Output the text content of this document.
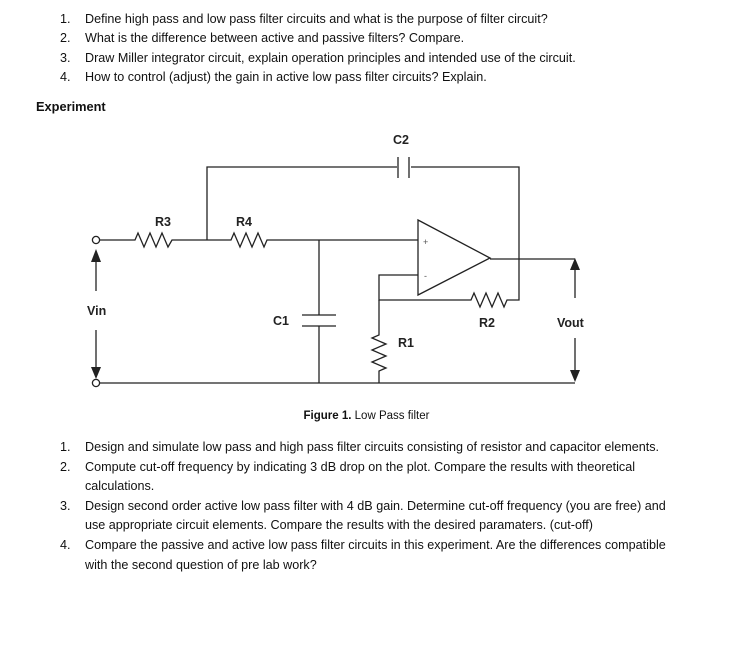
1. Define high pass and low pass filter circuits and what is the purpose of filter circuit?
2. What is the difference between active and passive filters? Compare.
3. Draw Miller integrator circuit, explain operation principles and intended use of the circuit.
4. How to control (adjust) the gain in active low pass filter circuits? Explain.
Experiment
C2
R3	R4
Vin
C1	R2	Vout
R1
+
-
Figure 1. Low Pass filter
1. Design and simulate low pass and high pass filter circuits consisting of resistor and capacitor elements.
2. Compute cut-off frequency by indicating 3 dB drop on the plot. Compare the results with theoretical calculations.
3. Design second order active low pass filter with 4 dB gain. Determine cut-off frequency (you are free) and use appropriate circuit elements. Compare the results with the desired paramaters. (cut-off)
4. Compare the passive and active low pass filter circuits in this experiment. Are the differences compatible with the second question of pre lab work?
